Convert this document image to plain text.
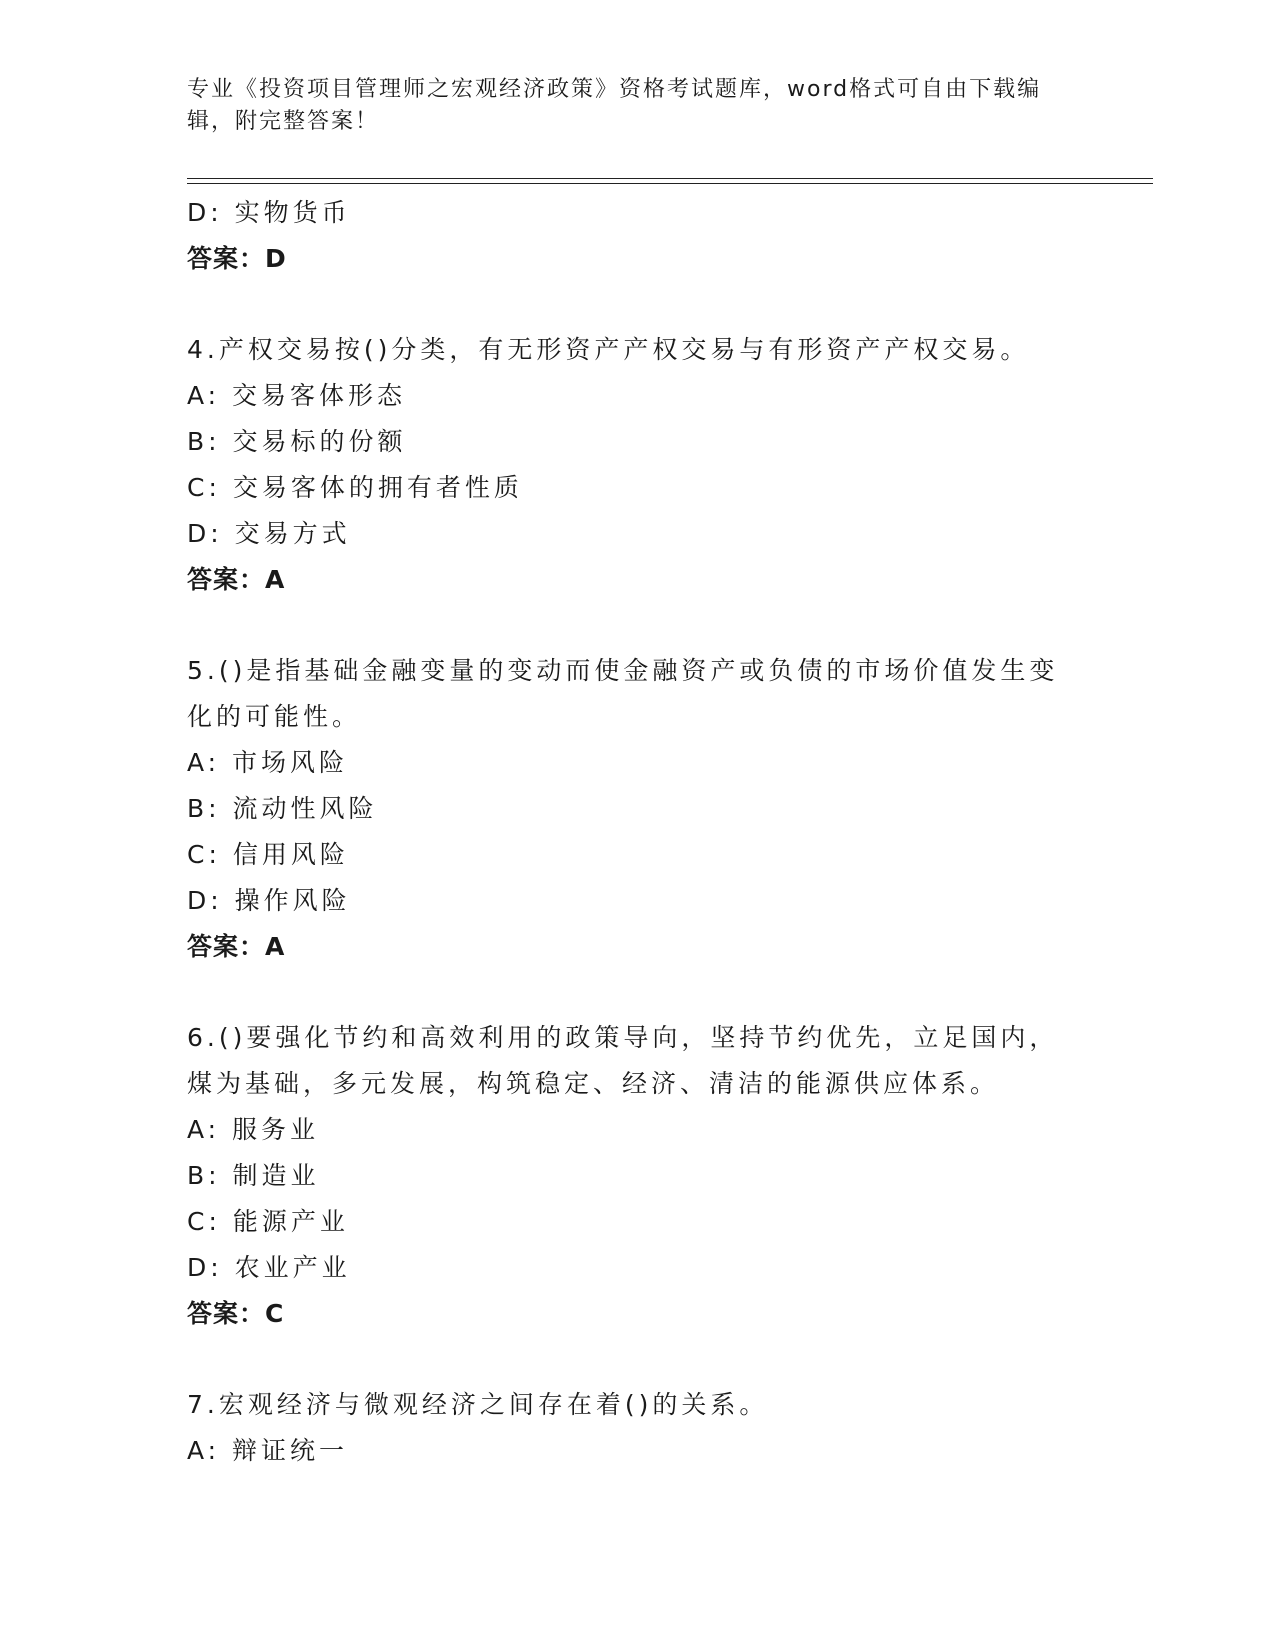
专业《投资项目管理师之宏观经济政策》资格考试题库，word格式可自由下载编辑，附完整答案！
D: 实物货币
答案：D
4.产权交易按()分类，有无形资产产权交易与有形资产产权交易。
A: 交易客体形态
B: 交易标的份额
C: 交易客体的拥有者性质
D: 交易方式
答案：A
5.()是指基础金融变量的变动而使金融资产或负债的市场价值发生变化的可能性。
A: 市场风险
B: 流动性风险
C: 信用风险
D: 操作风险
答案：A
6.()要强化节约和高效利用的政策导向，坚持节约优先，立足国内，煤为基础，多元发展，构筑稳定、经济、清洁的能源供应体系。
A: 服务业
B: 制造业
C: 能源产业
D: 农业产业
答案：C
7.宏观经济与微观经济之间存在着()的关系。
A: 辩证统一
